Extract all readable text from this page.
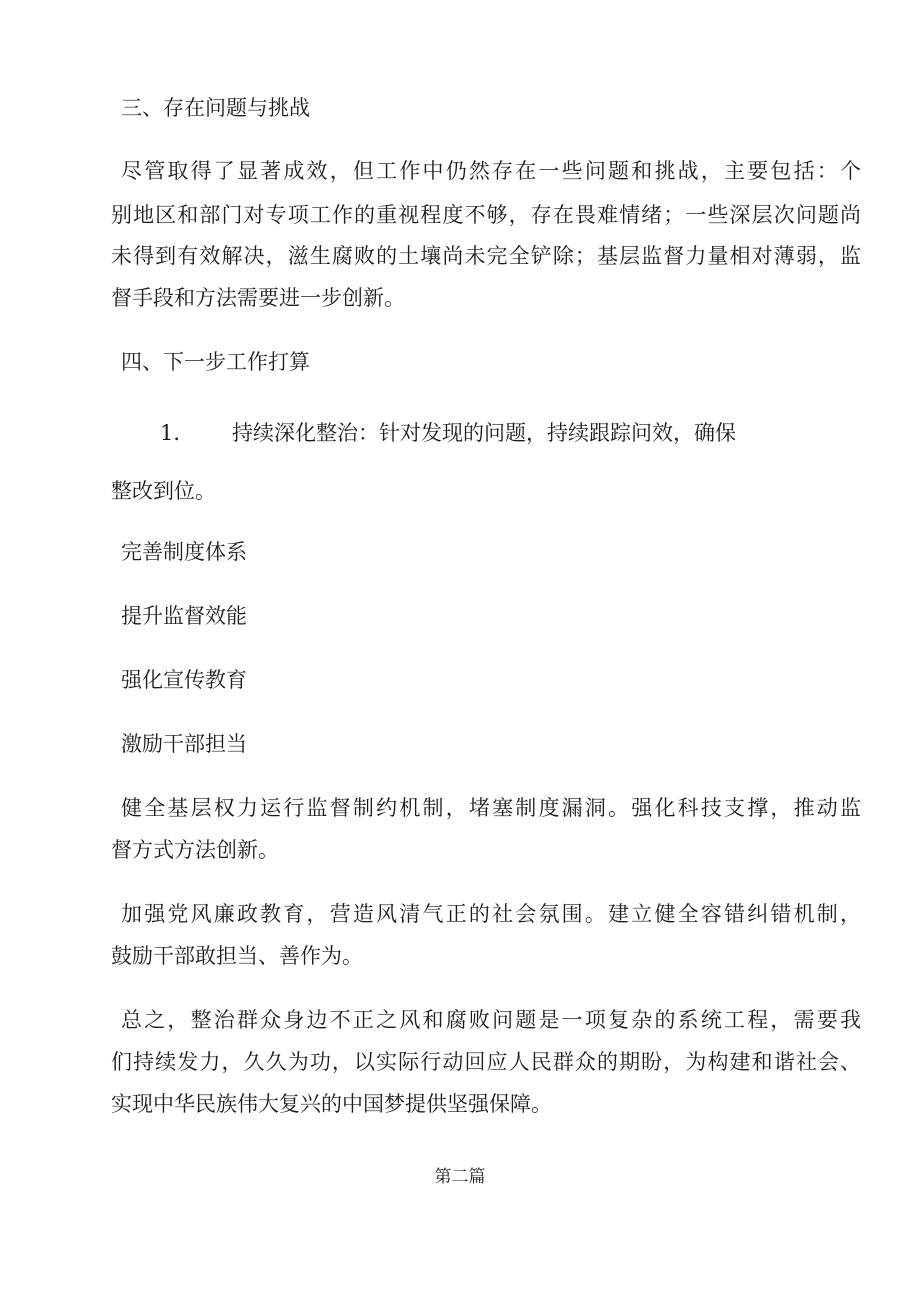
三、存在问题与挑战
尽管取得了显著成效，但工作中仍然存在一些问题和挑战，主要包括：个
别地区和部门对专项工作的重视程度不够，存在畏难情绪；一些深层次问题尚
未得到有效解决，滋生腐败的土壤尚未完全铲除；基层监督力量相对薄弱，监
督手段和方法需要进一步创新。
四、下一步工作打算
1． 持续深化整治：针对发现的问题，持续跟踪问效，确保
整改到位。
完善制度体系
提升监督效能
强化宣传教育
激励干部担当
健全基层权力运行监督制约机制，堵塞制度漏洞。强化科技支撑，推动监
督方式方法创新。
加强党风廉政教育，营造风清气正的社会氛围。建立健全容错纠错机制，
鼓励干部敢担当、善作为。
总之，整治群众身边不正之风和腐败问题是一项复杂的系统工程，需要我
们持续发力，久久为功，以实际行动回应人民群众的期盼，为构建和谐社会、
实现中华民族伟大复兴的中国梦提供坚强保障。
第二篇
